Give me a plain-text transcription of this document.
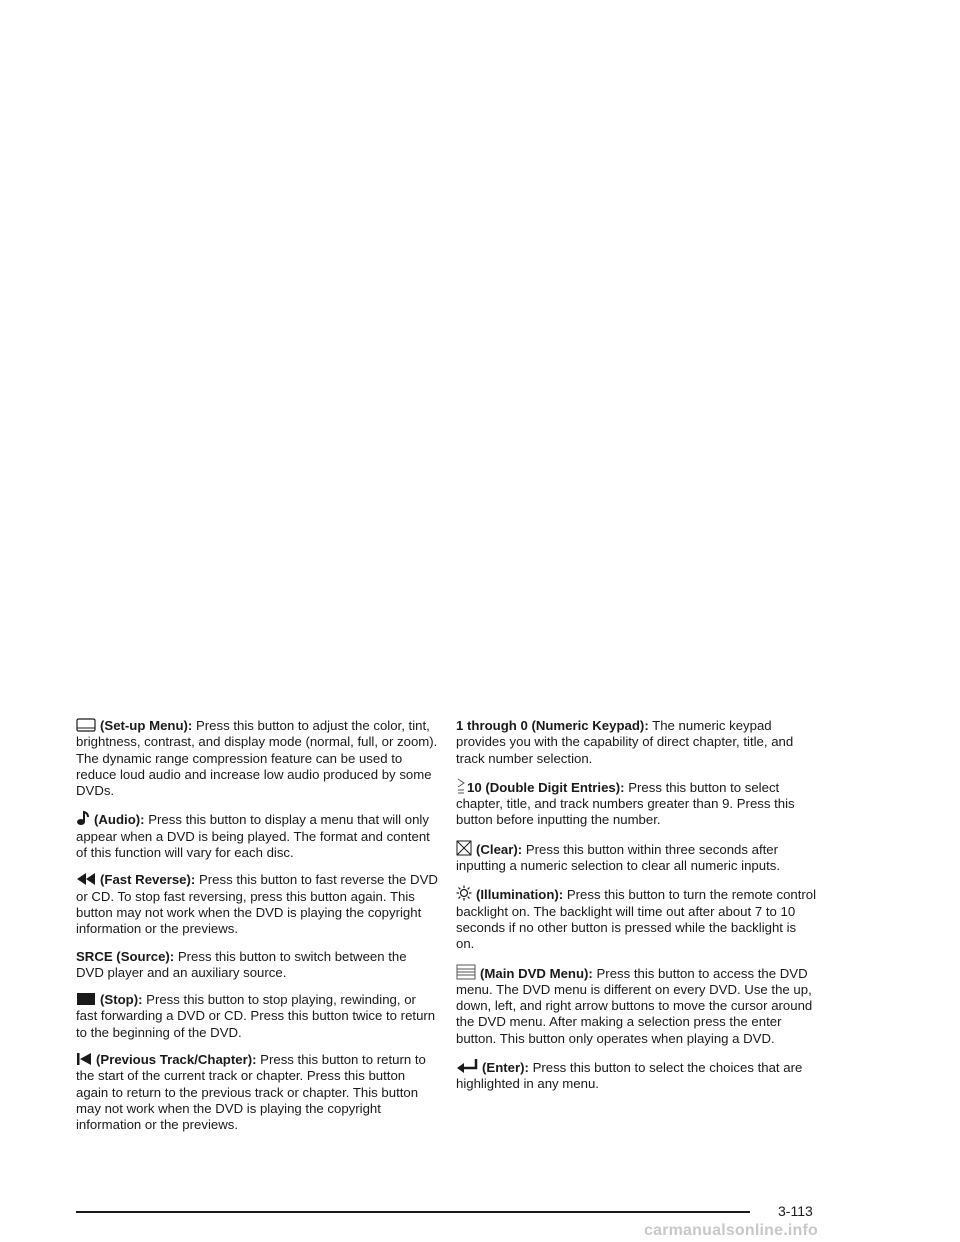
(Set-up Menu): Press this button to adjust the color, tint, brightness, contrast, and display mode (normal, full, or zoom). The dynamic range compression feature can be used to reduce loud audio and increase low audio produced by some DVDs.

(Audio): Press this button to display a menu that will only appear when a DVD is being played. The format and content of this function will vary for each disc.

(Fast Reverse): Press this button to fast reverse the DVD or CD. To stop fast reversing, press this button again. This button may not work when the DVD is playing the copyright information or the previews.

SRCE (Source): Press this button to switch between the DVD player and an auxiliary source.

(Stop): Press this button to stop playing, rewinding, or fast forwarding a DVD or CD. Press this button twice to return to the beginning of the DVD.

(Previous Track/Chapter): Press this button to return to the start of the current track or chapter. Press this button again to return to the previous track or chapter. This button may not work when the DVD is playing the copyright information or the previews.

1 through 0 (Numeric Keypad): The numeric keypad provides you with the capability of direct chapter, title, and track number selection.

10 (Double Digit Entries): Press this button to select chapter, title, and track numbers greater than 9. Press this button before inputting the number.

(Clear): Press this button within three seconds after inputting a numeric selection to clear all numeric inputs.

(Illumination): Press this button to turn the remote control backlight on. The backlight will time out after about 7 to 10 seconds if no other button is pressed while the backlight is on.

(Main DVD Menu): Press this button to access the DVD menu. The DVD menu is different on every DVD. Use the up, down, left, and right arrow buttons to move the cursor around the DVD menu. After making a selection press the enter button. This button only operates when playing a DVD.

(Enter): Press this button to select the choices that are highlighted in any menu.

3-113
carmanualsonline.info
